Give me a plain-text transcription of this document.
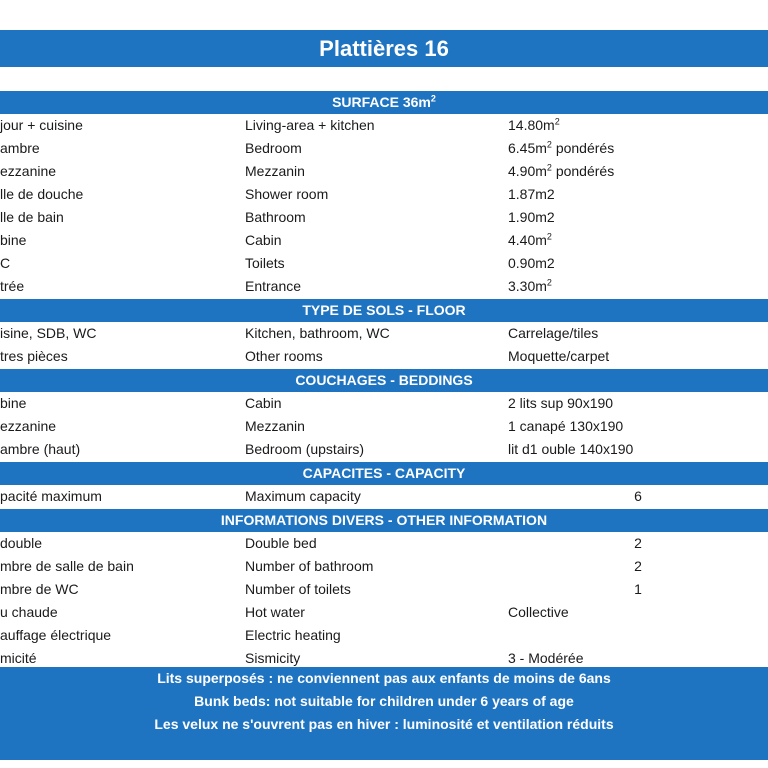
Plattières 16
SURFACE $36m^2$
jour + cuisine	Living-area + kitchen	$14.80m^2$
ambre	Bedroom	$6.45m^2$ pondérés
ezzanine	Mezzanin	$4.90m^2$ pondérés
lle de douche	Shower room	1.87m2
lle de bain	Bathroom	1.90m2
bine	Cabin	$4.40m^2$
C	Toilets	0.90m2
trée	Entrance	$3.30m^2$
TYPE DE SOLS - FLOOR
isine, SDB, WC	Kitchen, bathroom, WC	Carrelage/tiles
tres pièces	Other rooms	Moquette/carpet
COUCHAGES - BEDDINGS
bine	Cabin	2 lits sup 90x190
ezzanine	Mezzanin	1 canapé 130x190
ambre (haut)	Bedroom (upstairs)	lit d1 ouble 140x190
CAPACITES - CAPACITY
pacité maximum	Maximum capacity	6
INFORMATIONS DIVERS - OTHER INFORMATION
double	Double bed	2
mbre de salle de bain	Number of bathroom	2
mbre de WC	Number of toilets	1
u chaude	Hot water	Collective
auffage électrique	Electric heating
micité	Sismicity	3 - Modérée
Lits superposés : ne conviennent pas aux enfants de moins de 6ans
Bunk beds: not suitable for children under 6 years of age
Les velux ne s'ouvrent pas en hiver : luminosité et ventilation réduits
